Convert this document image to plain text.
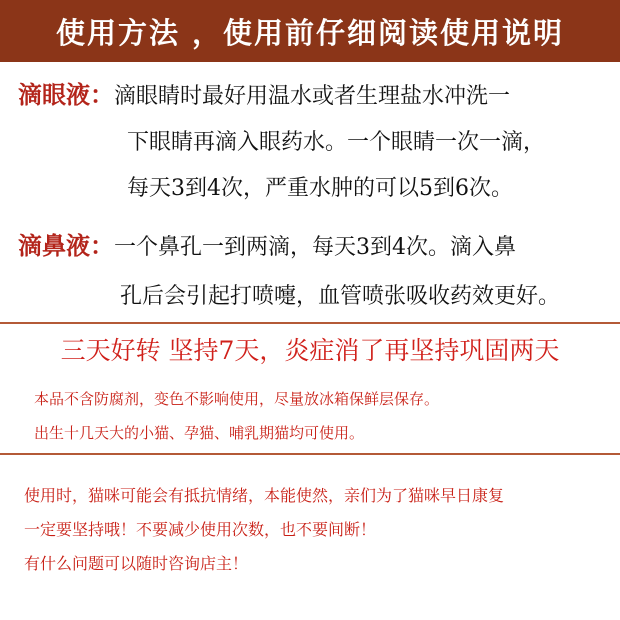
使用方法 ，使用前仔细阅读使用说明
滴眼液：滴眼睛时最好用温水或者生理盐水冲洗一
下眼睛再滴入眼药水。一个眼睛一次一滴，
每天3到4次，严重水肿的可以5到6次。
滴鼻液：一个鼻孔一到两滴，每天3到4次。滴入鼻
孔后会引起打喷嚏，血管喷张吸收药效更好。
三天好转 坚持7天，炎症消了再坚持巩固两天
本品不含防腐剂，变色不影响使用，尽量放冰箱保鲜层保存。
出生十几天大的小猫、孕猫、哺乳期猫均可使用。
使用时，猫咪可能会有抵抗情绪，本能使然，亲们为了猫咪早日康复
一定要坚持哦！不要减少使用次数，也不要间断！
有什么问题可以随时咨询店主！
